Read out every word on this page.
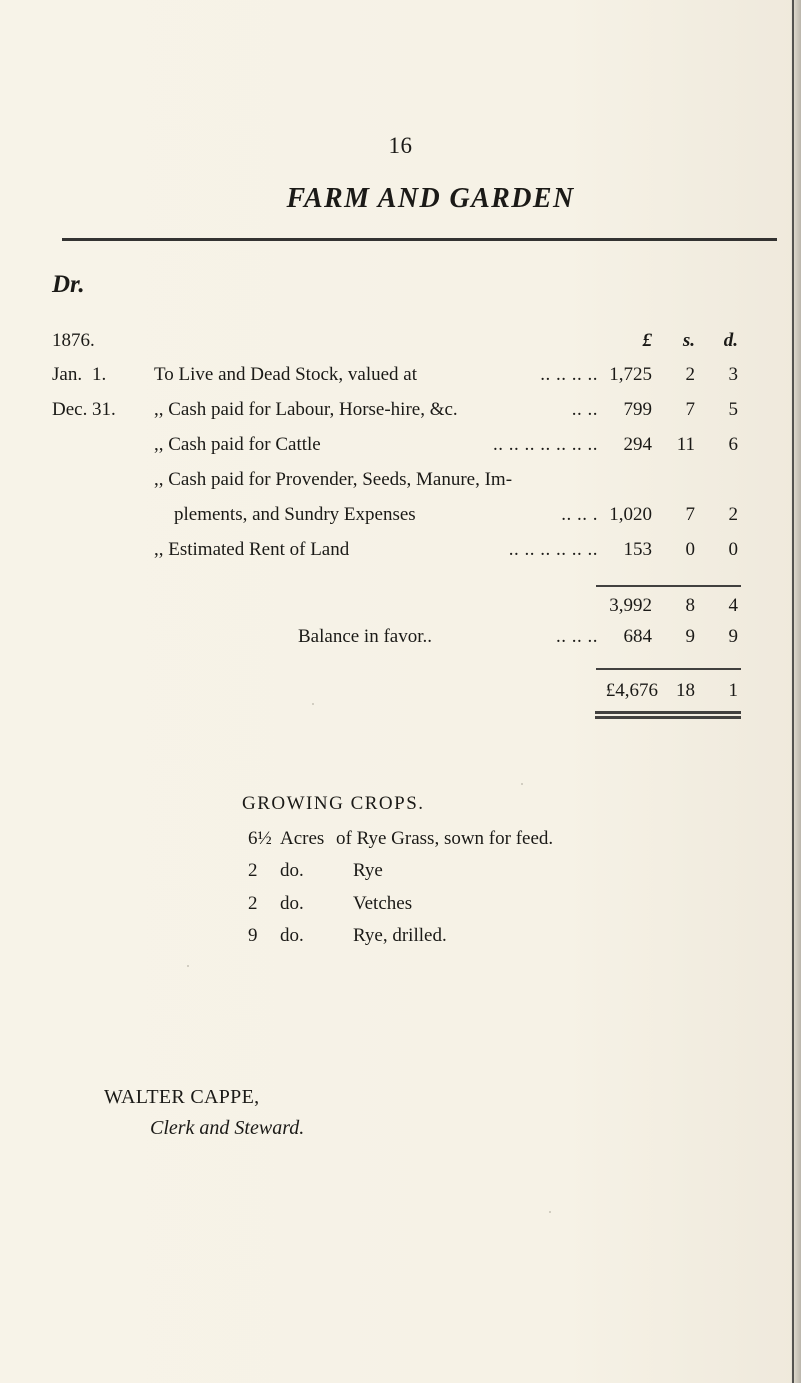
16
FARM AND GARDEN
Dr.
1876.	£	s.	d.
Jan. 1.	To Live and Dead Stock, valued at	.. .. .. .. 1,725	2	3
Dec. 31.	,, Cash paid for Labour, Horse-hire, &c.	.. ..	799	7	5
,, Cash paid for Cattle	.. .. .. .. .. .. ..	294	11	6
,, Cash paid for Provender, Seeds, Manure, Im-
plements, and Sundry Expenses	.. .. . 1,020	7	2
,, Estimated Rent of Land	.. .. .. .. .. ..	153	0	0
3,992	8	4
Balance in favor..	.. .. ..	684	9	9
£4,676 18	1
GROWING CROPS.
6½ Acres of Rye Grass, sown for feed.
2	do.	Rye
2	do.	Vetches
9	do.	Rye, drilled.
WALTER CAPPE,
Clerk and Steward.
